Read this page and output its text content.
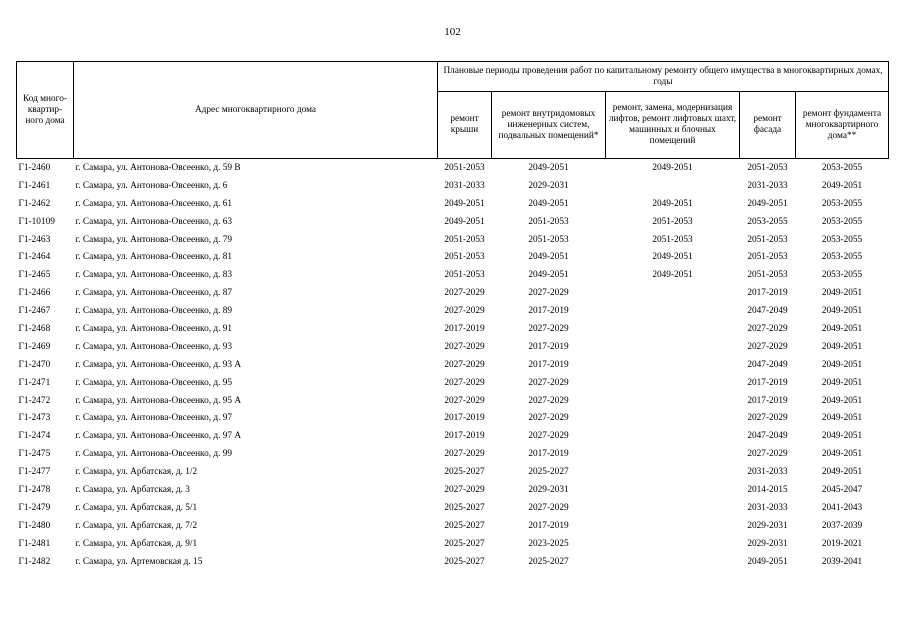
102
Код много-квартир-ного дома	Адрес многоквартирного дома	Плановые периоды проведения работ по капитальному ремонту общего имущества в многоквартирных домах, годы				
		ремонт крыши	ремонт внутридомовых инженерных систем, подвальных помещений*	ремонт, замена, модернизация лифтов, ремонт лифтовых шахт, машинных и блочных помещений	ремонт фасада	ремонт фундамента многоквартирного дома**
Г1-2460	г. Самара, ул. Антонова-Овсеенко, д. 59 В	2051-2053	2049-2051	2049-2051	2051-2053	2053-2055
Г1-2461	г. Самара, ул. Антонова-Овсеенко, д. 6	2031-2033	2029-2031		2031-2033	2049-2051
Г1-2462	г. Самара, ул. Антонова-Овсеенко, д. 61	2049-2051	2049-2051	2049-2051	2049-2051	2053-2055
Г1-10109	г. Самара, ул. Антонова-Овсеенко, д. 63	2049-2051	2051-2053	2051-2053	2053-2055	2053-2055
Г1-2463	г. Самара, ул. Антонова-Овсеенко, д. 79	2051-2053	2051-2053	2051-2053	2051-2053	2053-2055
Г1-2464	г. Самара, ул. Антонова-Овсеенко, д. 81	2051-2053	2049-2051	2049-2051	2051-2053	2053-2055
Г1-2465	г. Самара, ул. Антонова-Овсеенко, д. 83	2051-2053	2049-2051	2049-2051	2051-2053	2053-2055
Г1-2466	г. Самара, ул. Антонова-Овсеенко, д. 87	2027-2029	2027-2029		2017-2019	2049-2051
Г1-2467	г. Самара, ул. Антонова-Овсеенко, д. 89	2027-2029	2017-2019		2047-2049	2049-2051
Г1-2468	г. Самара, ул. Антонова-Овсеенко, д. 91	2017-2019	2027-2029		2027-2029	2049-2051
Г1-2469	г. Самара, ул. Антонова-Овсеенко, д. 93	2027-2029	2017-2019		2027-2029	2049-2051
Г1-2470	г. Самара, ул. Антонова-Овсеенко, д. 93 А	2027-2029	2017-2019		2047-2049	2049-2051
Г1-2471	г. Самара, ул. Антонова-Овсеенко, д. 95	2027-2029	2027-2029		2017-2019	2049-2051
Г1-2472	г. Самара, ул. Антонова-Овсеенко, д. 95 А	2027-2029	2027-2029		2017-2019	2049-2051
Г1-2473	г. Самара, ул. Антонова-Овсеенко, д. 97	2017-2019	2027-2029		2027-2029	2049-2051
Г1-2474	г. Самара, ул. Антонова-Овсеенко, д. 97 А	2017-2019	2027-2029		2047-2049	2049-2051
Г1-2475	г. Самара, ул. Антонова-Овсеенко, д. 99	2027-2029	2017-2019		2027-2029	2049-2051
Г1-2477	г. Самара, ул. Арбатская, д. 1/2	2025-2027	2025-2027		2031-2033	2049-2051
Г1-2478	г. Самара, ул. Арбатская, д. 3	2027-2029	2029-2031		2014-2015	2045-2047
Г1-2479	г. Самара, ул. Арбатская, д. 5/1	2025-2027	2027-2029		2031-2033	2041-2043
Г1-2480	г. Самара, ул. Арбатская, д. 7/2	2025-2027	2017-2019		2029-2031	2037-2039
Г1-2481	г. Самара, ул. Арбатская, д. 9/1	2025-2027	2023-2025		2029-2031	2019-2021
Г1-2482	г. Самара, ул. Артемовская д. 15	2025-2027	2025-2027		2049-2051	2039-2041
